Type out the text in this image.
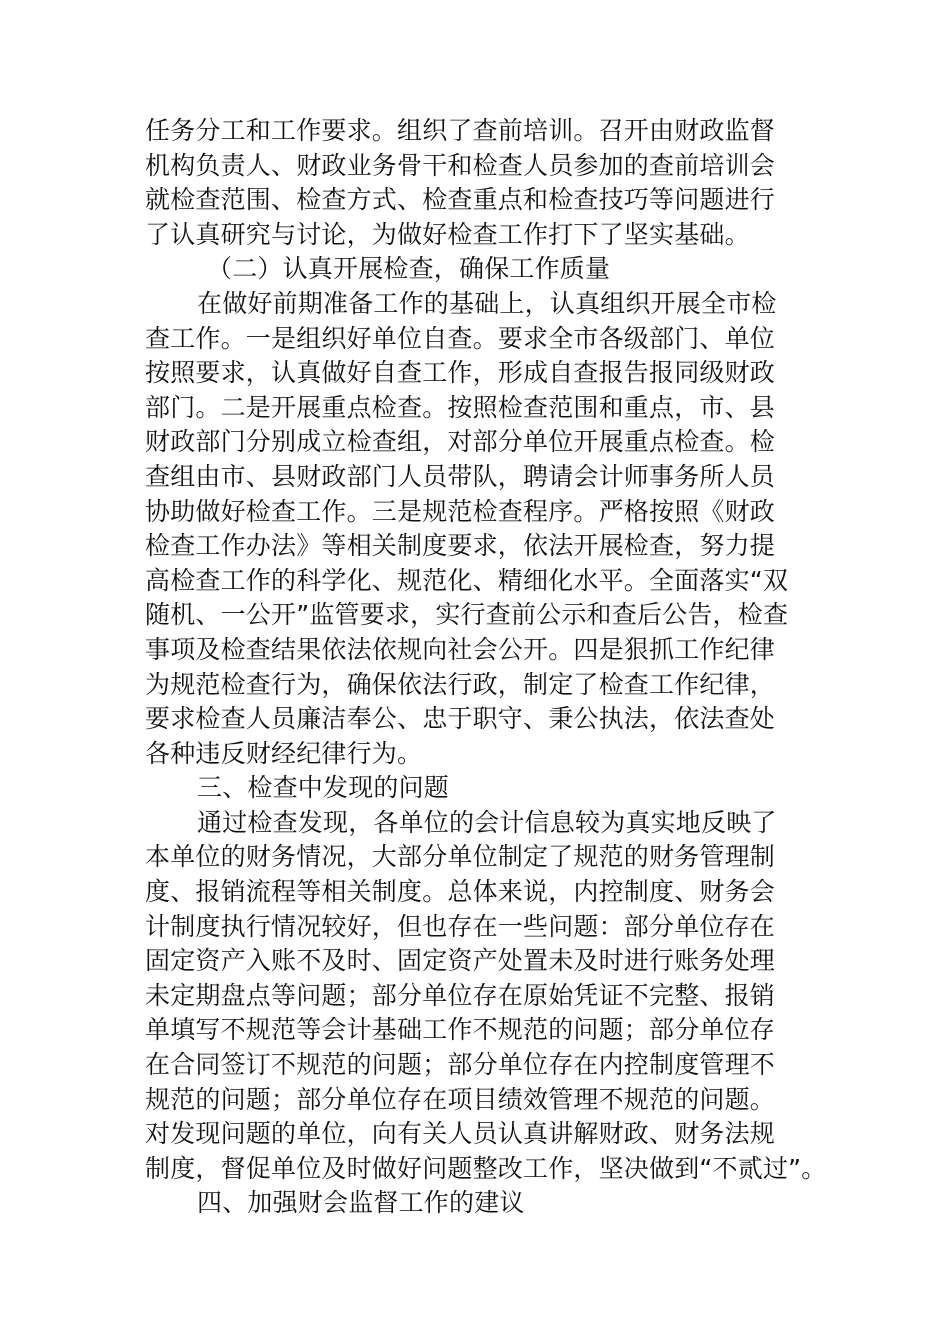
任务分工和工作要求。组织了查前培训。召开由财政监督
机构负责人、财政业务骨干和检查人员参加的查前培训会
就检查范围、检查方式、检查重点和检查技巧等问题进行
了认真研究与讨论，为做好检查工作打下了坚实基础。
（二）认真开展检查，确保工作质量
在做好前期准备工作的基础上，认真组织开展全市检
查工作。一是组织好单位自查。要求全市各级部门、单位
按照要求，认真做好自查工作，形成自查报告报同级财政
部门。二是开展重点检查。按照检查范围和重点，市、县
财政部门分别成立检查组，对部分单位开展重点检查。检
查组由市、县财政部门人员带队，聘请会计师事务所人员
协助做好检查工作。三是规范检查程序。严格按照《财政
检查工作办法》等相关制度要求，依法开展检查，努力提
高检查工作的科学化、规范化、精细化水平。全面落实“双
随机、一公开”监管要求，实行查前公示和查后公告，检查
事项及检查结果依法依规向社会公开。四是狠抓工作纪律
为规范检查行为，确保依法行政，制定了检查工作纪律，
要求检查人员廉洁奉公、忠于职守、秉公执法，依法查处
各种违反财经纪律行为。
三、检查中发现的问题
通过检查发现，各单位的会计信息较为真实地反映了
本单位的财务情况，大部分单位制定了规范的财务管理制
度、报销流程等相关制度。总体来说，内控制度、财务会
计制度执行情况较好，但也存在一些问题：部分单位存在
固定资产入账不及时、固定资产处置未及时进行账务处理
未定期盘点等问题；部分单位存在原始凭证不完整、报销
单填写不规范等会计基础工作不规范的问题；部分单位存
在合同签订不规范的问题；部分单位存在内控制度管理不
规范的问题；部分单位存在项目绩效管理不规范的问题。
对发现问题的单位，向有关人员认真讲解财政、财务法规
制度，督促单位及时做好问题整改工作，坚决做到“不贰过”。
四、加强财会监督工作的建议
